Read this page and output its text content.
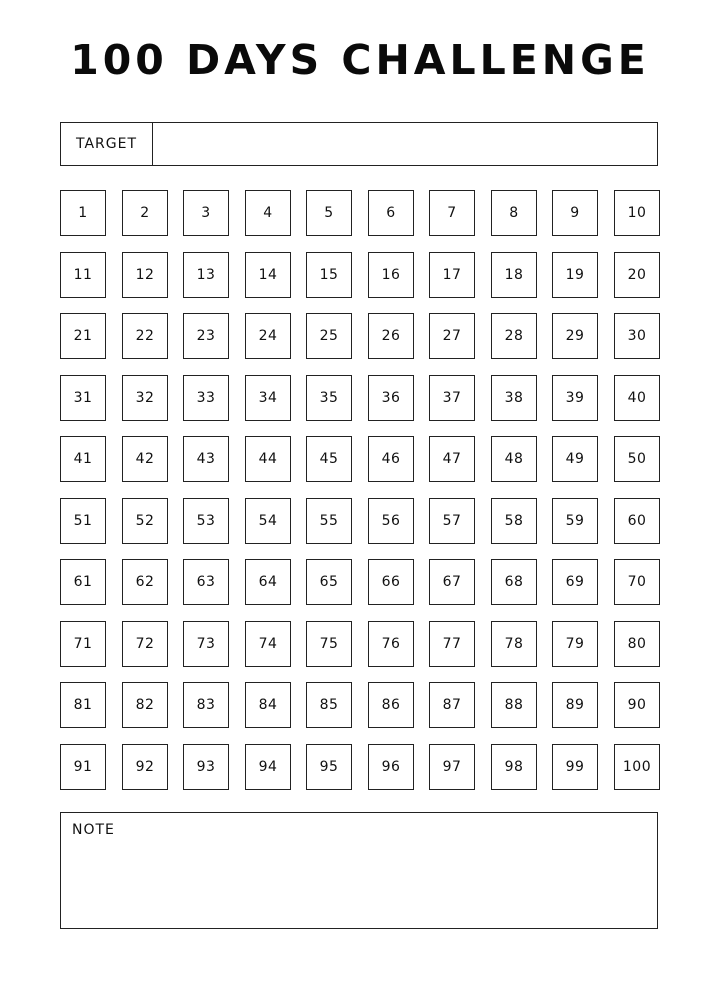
100 DAYS CHALLENGE
TARGET
1	2	3	4	5	6	7	8	9	10
11	12	13	14	15	16	17	18	19	20
21	22	23	24	25	26	27	28	29	30
31	32	33	34	35	36	37	38	39	40
41	42	43	44	45	46	47	48	49	50
51	52	53	54	55	56	57	58	59	60
61	62	63	64	65	66	67	68	69	70
71	72	73	74	75	76	77	78	79	80
81	82	83	84	85	86	87	88	89	90
91	92	93	94	95	96	97	98	99	100
NOTE
